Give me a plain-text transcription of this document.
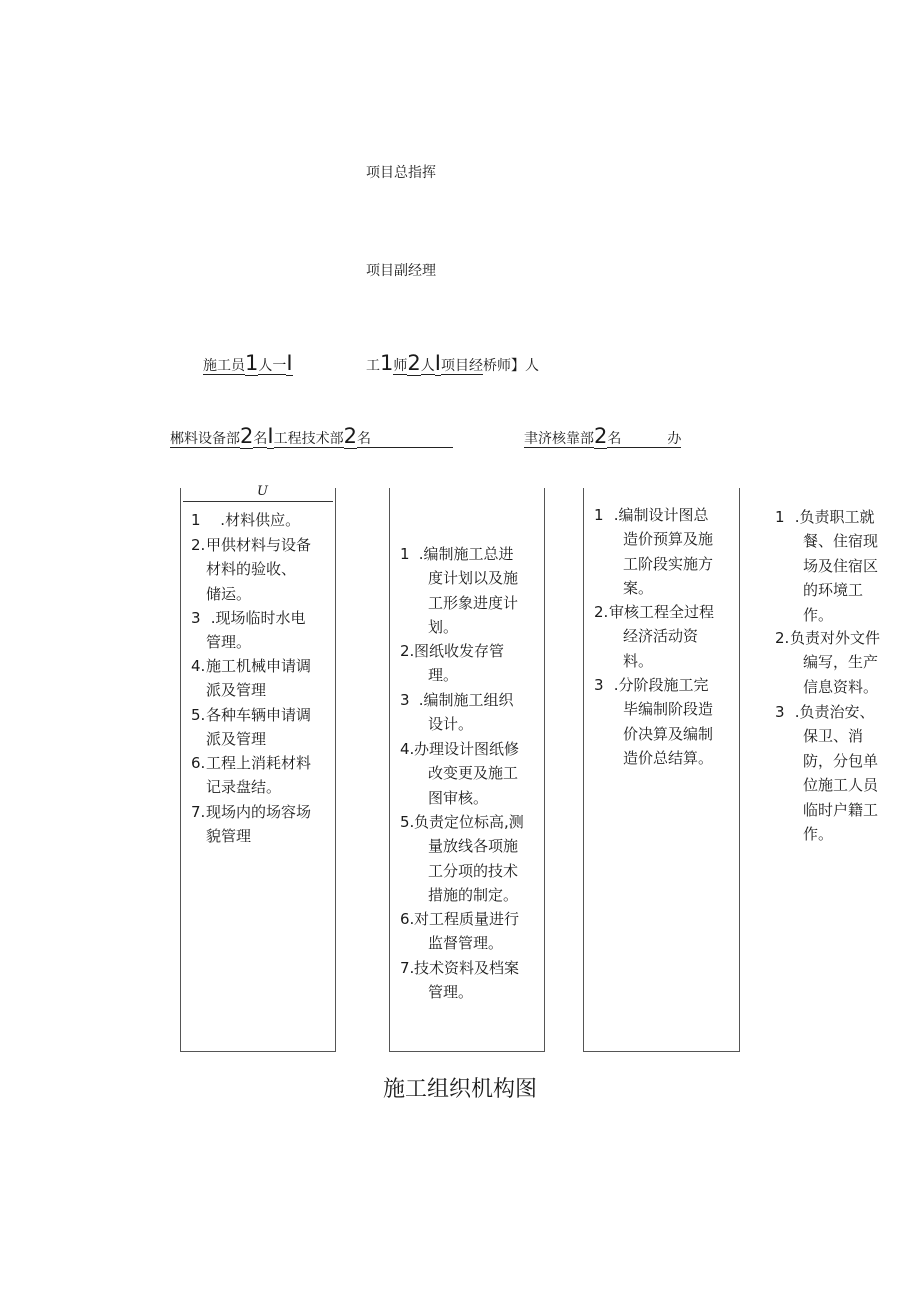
项目总指挥
项目副经理
施工员1人一I	工1师2人I项目经桥师】人
郴料设备部2名I工程技术部2名	聿济核靠部2名	办
U
1 .材料供应。
2. 甲供材料与设备
材料的验收、
储运。
3 .现场临时水电
管理。
4. 施工机械申请调
派及管理
5. 各种车辆申请调
派及管理
6. 工程上消耗材料
记录盘结。
7. 现场内的场容场
貌管理
1 .编制施工总进
度计划以及施
工形象进度计
划。
2. 图纸收发存管
理。
3 .编制施工组织
设计。
4. 办理设计图纸修
改变更及施工
图审核。
5. 负责定位标高,测
量放线各项施
工分项的技术
措施的制定。
6. 对工程质量进行
监督管理。
7. 技术资料及档案
管理。
1 .编制设计图总
造价预算及施
工阶段实施方
案。
2. 审核工程全过程
经济活动资
料。
3 .分阶段施工完
毕编制阶段造
价决算及编制
造价总结算。
1 .负责职工就
餐、住宿现
场及住宿区
的环境工
作。
2. 负责对外文件
编写，生产
信息资料。
3 .负责治安、
保卫、消
防，分包单
位施工人员
临时户籍工
作。
施工组织机构图
